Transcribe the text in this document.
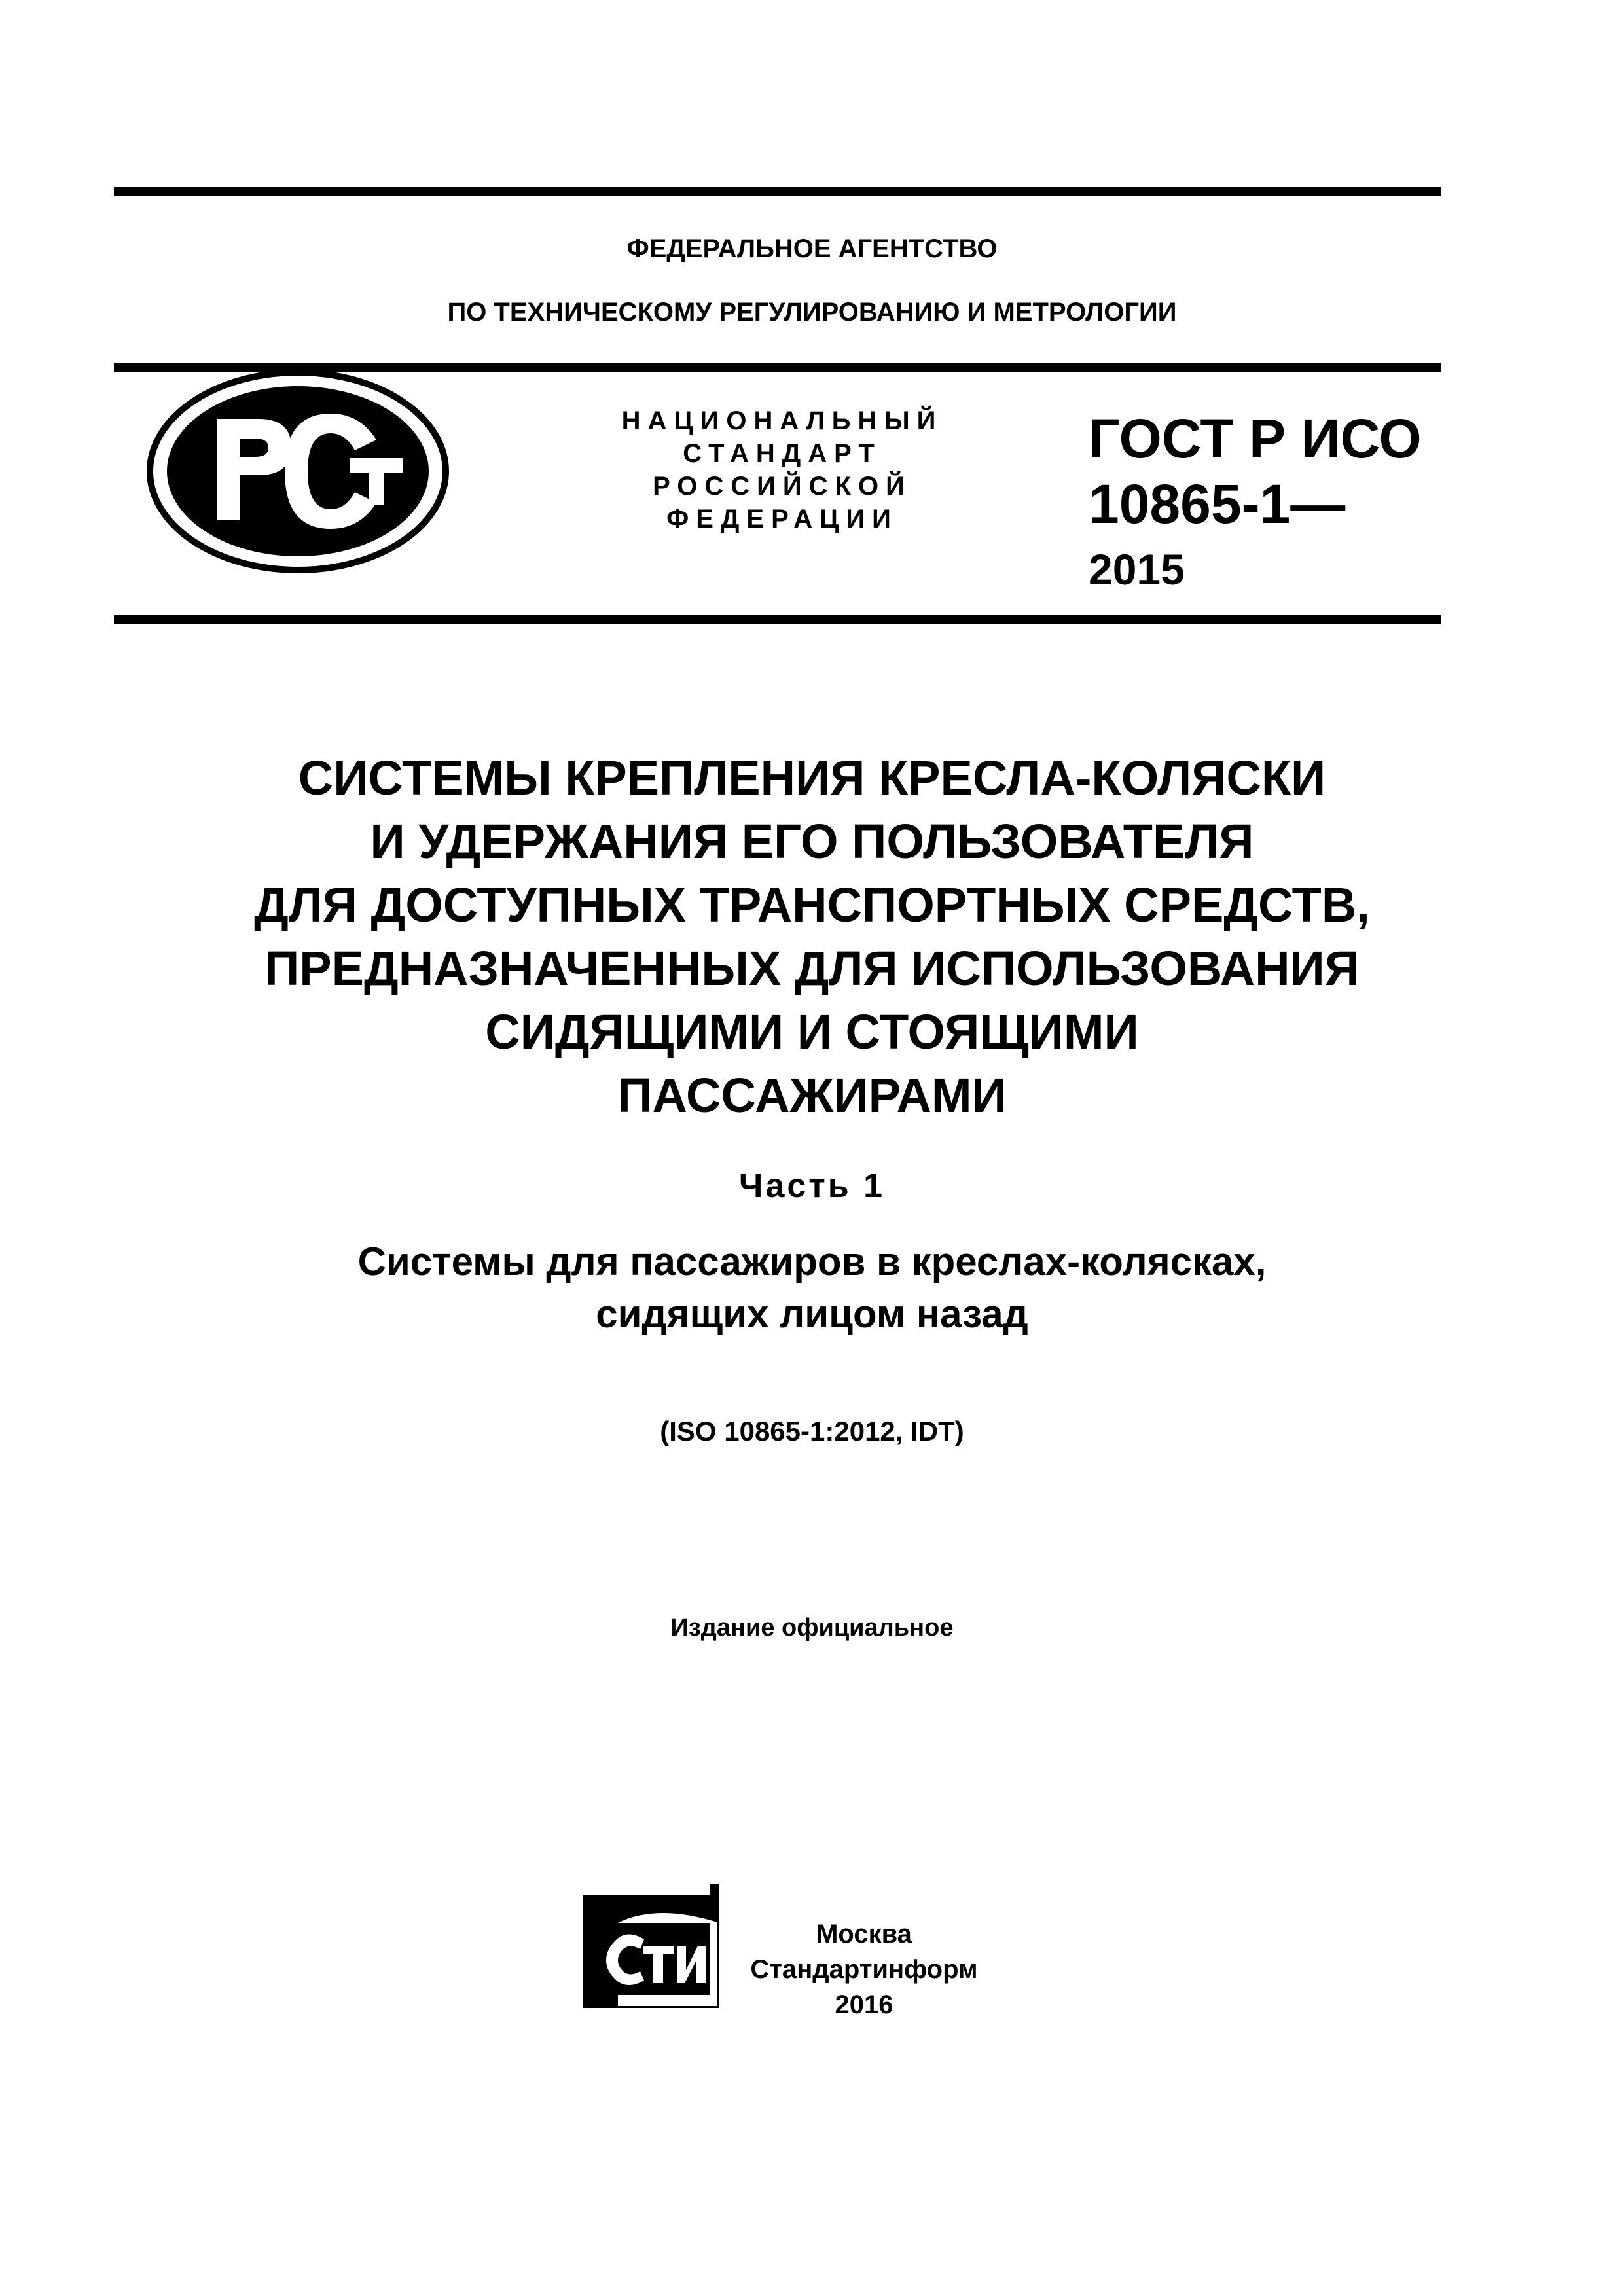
ФЕДЕРАЛЬНОЕ АГЕНТСТВО
ПО ТЕХНИЧЕСКОМУ РЕГУЛИРОВАНИЮ И МЕТРОЛОГИИ
НАЦИОНАЛЬНЫЙ
СТАНДАРТ
РОССИЙСКОЙ
ФЕДЕРАЦИИ
ГОСТ Р ИСО
10865-1—
2015
СИСТЕМЫ КРЕПЛЕНИЯ КРЕСЛА-КОЛЯСКИ
И УДЕРЖАНИЯ ЕГО ПОЛЬЗОВАТЕЛЯ
ДЛЯ ДОСТУПНЫХ ТРАНСПОРТНЫХ СРЕДСТВ,
ПРЕДНАЗНАЧЕННЫХ ДЛЯ ИСПОЛЬЗОВАНИЯ
СИДЯЩИМИ И СТОЯЩИМИ
ПАССАЖИРАМИ
Часть 1
Системы для пассажиров в креслах-колясках,
сидящих лицом назад
(ISO 10865-1:2012, IDT)
Издание официальное
Москва
Стандартинформ
2016
